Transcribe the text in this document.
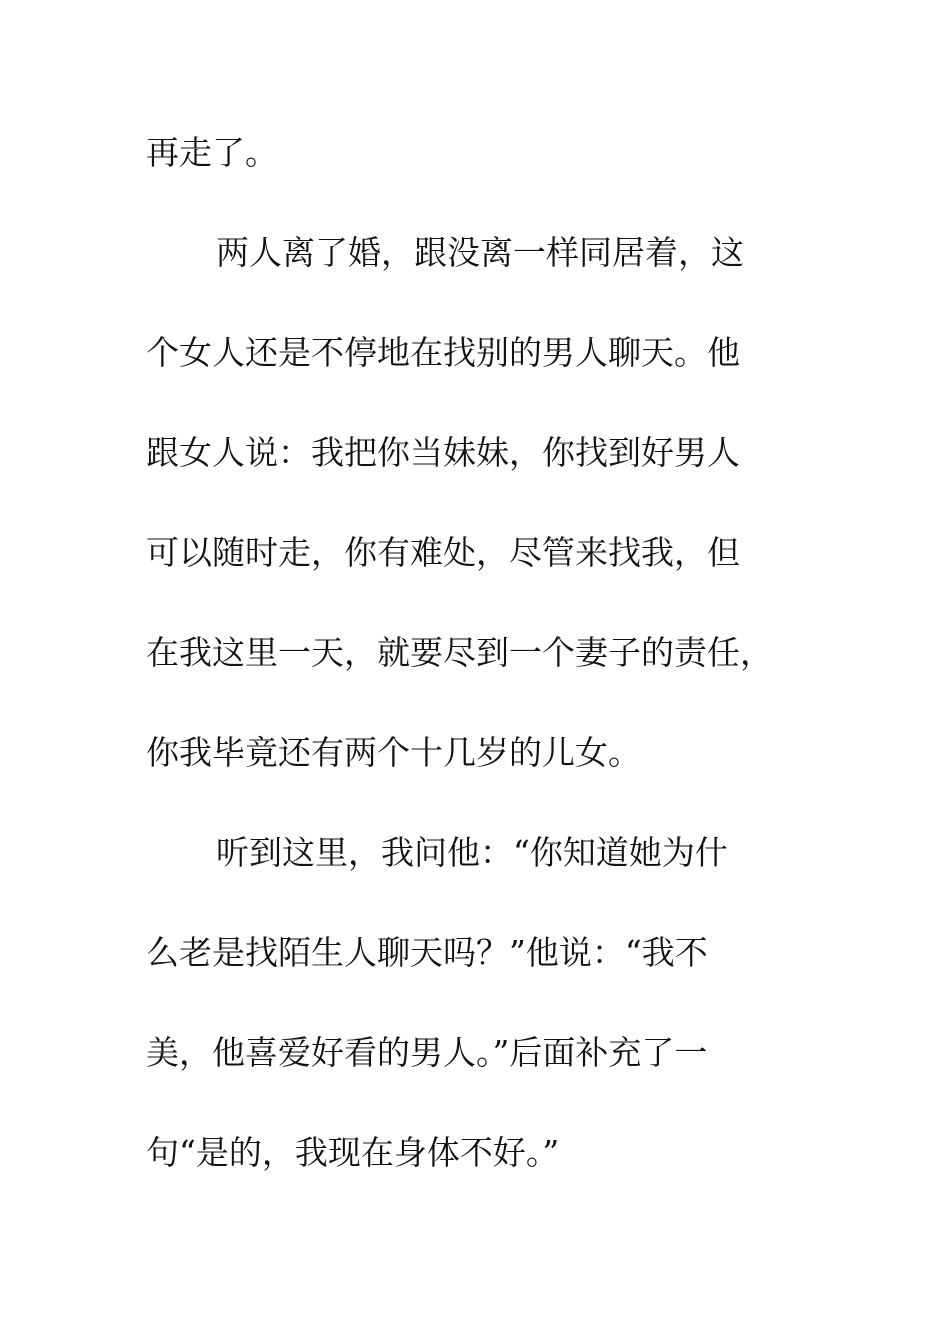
再走了。
两人离了婚，跟没离一样同居着，这
个女人还是不停地在找别的男人聊天。他
跟女人说：我把你当妹妹，你找到好男人
可以随时走，你有难处，尽管来找我，但
在我这里一天，就要尽到一个妻子的责任，
你我毕竟还有两个十几岁的儿女。
听到这里，我问他：“你知道她为什
么老是找陌生人聊天吗？”他说：“我不
美，他喜爱好看的男人。”后面补充了一
句“是的，我现在身体不好。”
